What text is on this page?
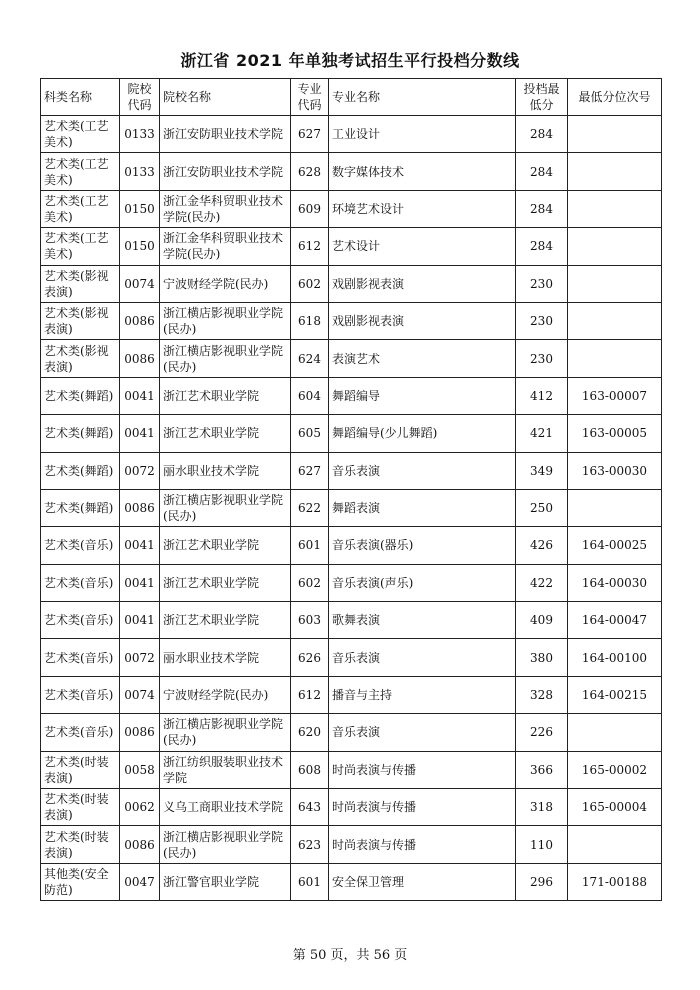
浙江省 2021 年单独考试招生平行投档分数线
科类名称	院校代码	院校名称	专业代码	专业名称	投档最低分	最低分位次号
艺术类(工艺美术)	0133	浙江安防职业技术学院	627	工业设计	284	
艺术类(工艺美术)	0133	浙江安防职业技术学院	628	数字媒体技术	284	
艺术类(工艺美术)	0150	浙江金华科贸职业技术学院(民办)	609	环境艺术设计	284	
艺术类(工艺美术)	0150	浙江金华科贸职业技术学院(民办)	612	艺术设计	284	
艺术类(影视表演)	0074	宁波财经学院(民办)	602	戏剧影视表演	230	
艺术类(影视表演)	0086	浙江横店影视职业学院(民办)	618	戏剧影视表演	230	
艺术类(影视表演)	0086	浙江横店影视职业学院(民办)	624	表演艺术	230	
艺术类(舞蹈)	0041	浙江艺术职业学院	604	舞蹈编导	412	163-00007
艺术类(舞蹈)	0041	浙江艺术职业学院	605	舞蹈编导(少儿舞蹈)	421	163-00005
艺术类(舞蹈)	0072	丽水职业技术学院	627	音乐表演	349	163-00030
艺术类(舞蹈)	0086	浙江横店影视职业学院(民办)	622	舞蹈表演	250	
艺术类(音乐)	0041	浙江艺术职业学院	601	音乐表演(器乐)	426	164-00025
艺术类(音乐)	0041	浙江艺术职业学院	602	音乐表演(声乐)	422	164-00030
艺术类(音乐)	0041	浙江艺术职业学院	603	歌舞表演	409	164-00047
艺术类(音乐)	0072	丽水职业技术学院	626	音乐表演	380	164-00100
艺术类(音乐)	0074	宁波财经学院(民办)	612	播音与主持	328	164-00215
艺术类(音乐)	0086	浙江横店影视职业学院(民办)	620	音乐表演	226	
艺术类(时装表演)	0058	浙江纺织服装职业技术学院	608	时尚表演与传播	366	165-00002
艺术类(时装表演)	0062	义乌工商职业技术学院	643	时尚表演与传播	318	165-00004
艺术类(时装表演)	0086	浙江横店影视职业学院(民办)	623	时尚表演与传播	110	
其他类(安全防范)	0047	浙江警官职业学院	601	安全保卫管理	296	171-00188
第 50 页，共 56 页
